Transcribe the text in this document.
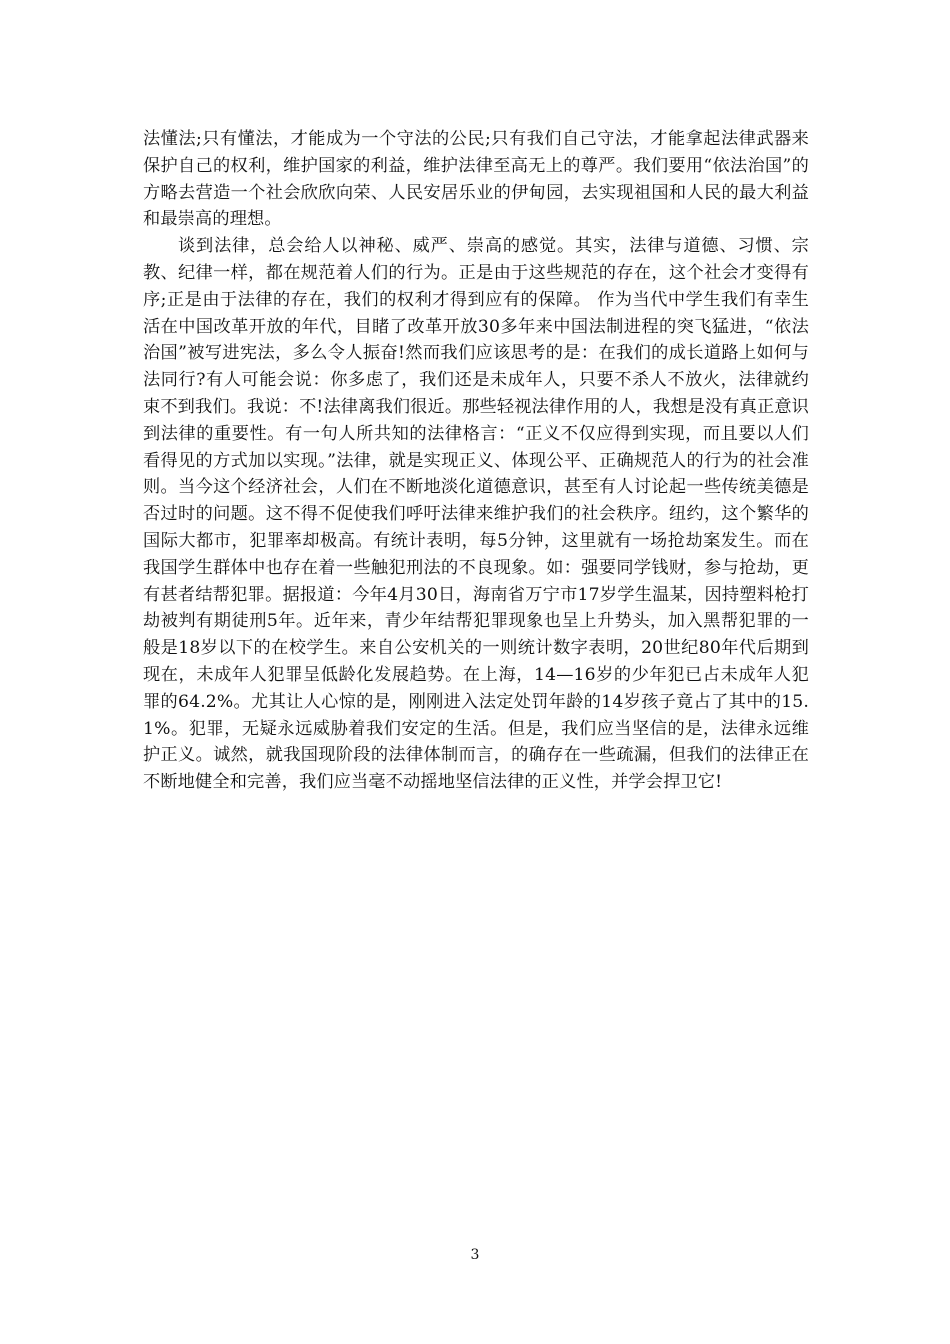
法懂法;只有懂法，才能成为一个守法的公民;只有我们自己守法，才能拿起法律武器来保护自己的权利，维护国家的利益，维护法律至高无上的尊严。我们要用“依法治国”的方略去营造一个社会欣欣向荣、人民安居乐业的伊甸园，去实现祖国和人民的最大利益和最崇高的理想。

谈到法律，总会给人以神秘、威严、崇高的感觉。其实，法律与道德、习惯、宗教、纪律一样，都在规范着人们的行为。正是由于这些规范的存在，这个社会才变得有序;正是由于法律的存在，我们的权利才得到应有的保障。 作为当代中学生我们有幸生活在中国改革开放的年代，目睹了改革开放30多年来中国法制进程的突飞猛进，“依法治国”被写进宪法，多么令人振奋!然而我们应该思考的是：在我们的成长道路上如何与法同行?有人可能会说：你多虑了，我们还是未成年人，只要不杀人不放火，法律就约束不到我们。我说：不!法律离我们很近。那些轻视法律作用的人，我想是没有真正意识到法律的重要性。有一句人所共知的法律格言：“正义不仅应得到实现，而且要以人们看得见的方式加以实现。”法律，就是实现正义、体现公平、正确规范人的行为的社会准则。当今这个经济社会，人们在不断地淡化道德意识，甚至有人讨论起一些传统美德是否过时的问题。这不得不促使我们呼吁法律来维护我们的社会秩序。纽约，这个繁华的国际大都市，犯罪率却极高。有统计表明，每5分钟，这里就有一场抢劫案发生。而在我国学生群体中也存在着一些触犯刑法的不良现象。如：强要同学钱财，参与抢劫，更有甚者结帮犯罪。据报道：今年4月30日，海南省万宁市17岁学生温某，因持塑料枪打劫被判有期徒刑5年。近年来，青少年结帮犯罪现象也呈上升势头，加入黑帮犯罪的一般是18岁以下的在校学生。来自公安机关的一则统计数字表明，20世纪80年代后期到现在，未成年人犯罪呈低龄化发展趋势。在上海，14—16岁的少年犯已占未成年人犯罪的64.2%。尤其让人心惊的是，刚刚进入法定处罚年龄的14岁孩子竟占了其中的15.1%。犯罪，无疑永远威胁着我们安定的生活。但是，我们应当坚信的是，法律永远维护正义。诚然，就我国现阶段的法律体制而言，的确存在一些疏漏，但我们的法律正在不断地健全和完善，我们应当毫不动摇地坚信法律的正义性，并学会捍卫它!

3
